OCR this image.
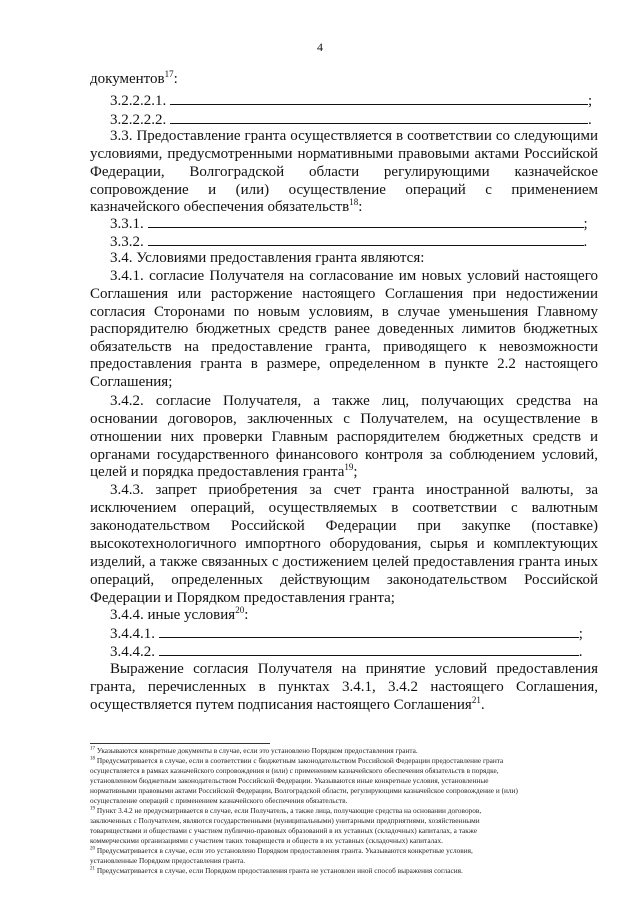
4
документов$^{17}$:
3.2.2.2.1.	;
3.2.2.2.2.	.
3.3. Предоставление гранта осуществляется в соответствии со следующими
условиями, предусмотренными нормативными правовыми актами Российской
Федерации, Волгоградской области регулирующими казначейское
сопровождение и (или) осуществление операций с применением
казначейского обеспечения обязательств$^{18}$:
3.3.1.	;
3.3.2.	.
3.4. Условиями предоставления гранта являются:
3.4.1. согласие Получателя на согласование им новых условий настоящего
Соглашения или расторжение настоящего Соглашения при недостижении
согласия Сторонами по новым условиям, в случае уменьшения Главному
распорядителю бюджетных средств ранее доведенных лимитов бюджетных
обязательств на предоставление гранта, приводящего к невозможности
предоставления гранта в размере, определенном в пункте 2.2 настоящего
Соглашения;
3.4.2. согласие Получателя, а также лиц, получающих средства на
основании договоров, заключенных с Получателем, на осуществление в
отношении них проверки Главным распорядителем бюджетных средств и
органами государственного финансового контроля за соблюдением условий,
целей и порядка предоставления гранта$^{19}$;
3.4.3. запрет приобретения за счет гранта иностранной валюты, за
исключением операций, осуществляемых в соответствии с валютным
законодательством Российской Федерации при закупке (поставке)
высокотехнологичного импортного оборудования, сырья и комплектующих
изделий, а также связанных с достижением целей предоставления гранта иных
операций, определенных действующим законодательством Российской
Федерации и Порядком предоставления гранта;
3.4.4. иные условия$^{20}$:
3.4.4.1.	;
3.4.4.2.	.
Выражение согласия Получателя на принятие условий предоставления
гранта, перечисленных в пунктах 3.4.1, 3.4.2 настоящего Соглашения,
осуществляется путем подписания настоящего Соглашения$^{21}$.
$^{17}$ Указываются конкретные документы в случае, если это установлено Порядком предоставления гранта.
$^{18}$ Предусматривается в случае, если в соответствии с бюджетным законодательством Российской Федерации предоставление гранта
осуществляется в рамках казначейского сопровождения и (или) с применением казначейского обеспечения обязательств в порядке,
установленном бюджетным законодательством Российской Федерации. Указываются иные конкретные условия, установленные
нормативными правовыми актами Российской Федерации, Волгоградской области, регулирующими казначейское сопровождение и (или)
осуществление операций с применением казначейского обеспечения обязательств.
$^{19}$ Пункт 3.4.2 не предусматривается в случае, если Получатель, а также лица, получающие средства на основании договоров,
заключенных с Получателем, являются государственными (муниципальными) унитарными предприятиями, хозяйственными
товариществами и обществами с участием публично-правовых образований в их уставных (складочных) капиталах, а также
коммерческими организациями с участием таких товариществ и обществ в их уставных (складочных) капиталах.
$^{20}$ Предусматривается в случае, если это установлено Порядком предоставления гранта. Указываются конкретные условия,
установленные Порядком предоставления гранта.
$^{21}$ Предусматривается в случае, если Порядком предоставления гранта не установлен иной способ выражения согласия.
